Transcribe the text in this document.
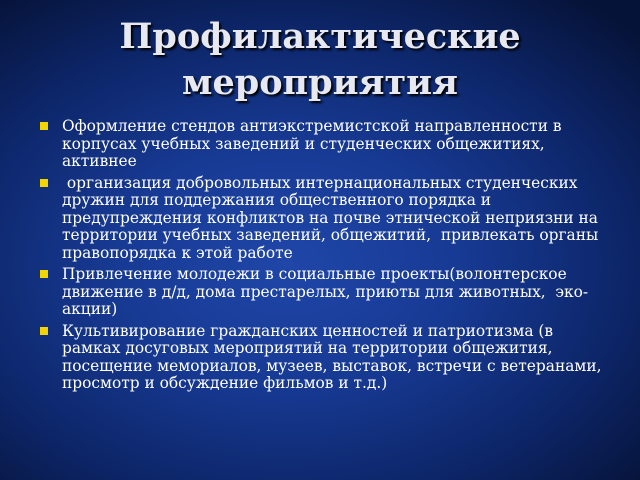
Профилактические
мероприятия
Оформление стендов антиэкстремистской направленности в корпусах учебных заведений и студенческих общежитиях, активнее
организация добровольных интернациональных студенческих дружин для поддержания общественного порядка и предупреждения конфликтов на почве этнической неприязни на территории учебных заведений, общежитий,  привлекать органы правопорядка к этой работе
Привлечение молодежи в социальные проекты(волонтерское движение в д/д, дома престарелых, приюты для животных,  эко-акции)
Культивирование гражданских ценностей и патриотизма (в рамках досуговых мероприятий на территории общежития, посещение мемориалов, музеев, выставок, встречи с ветеранами, просмотр и обсуждение фильмов и т.д.)
